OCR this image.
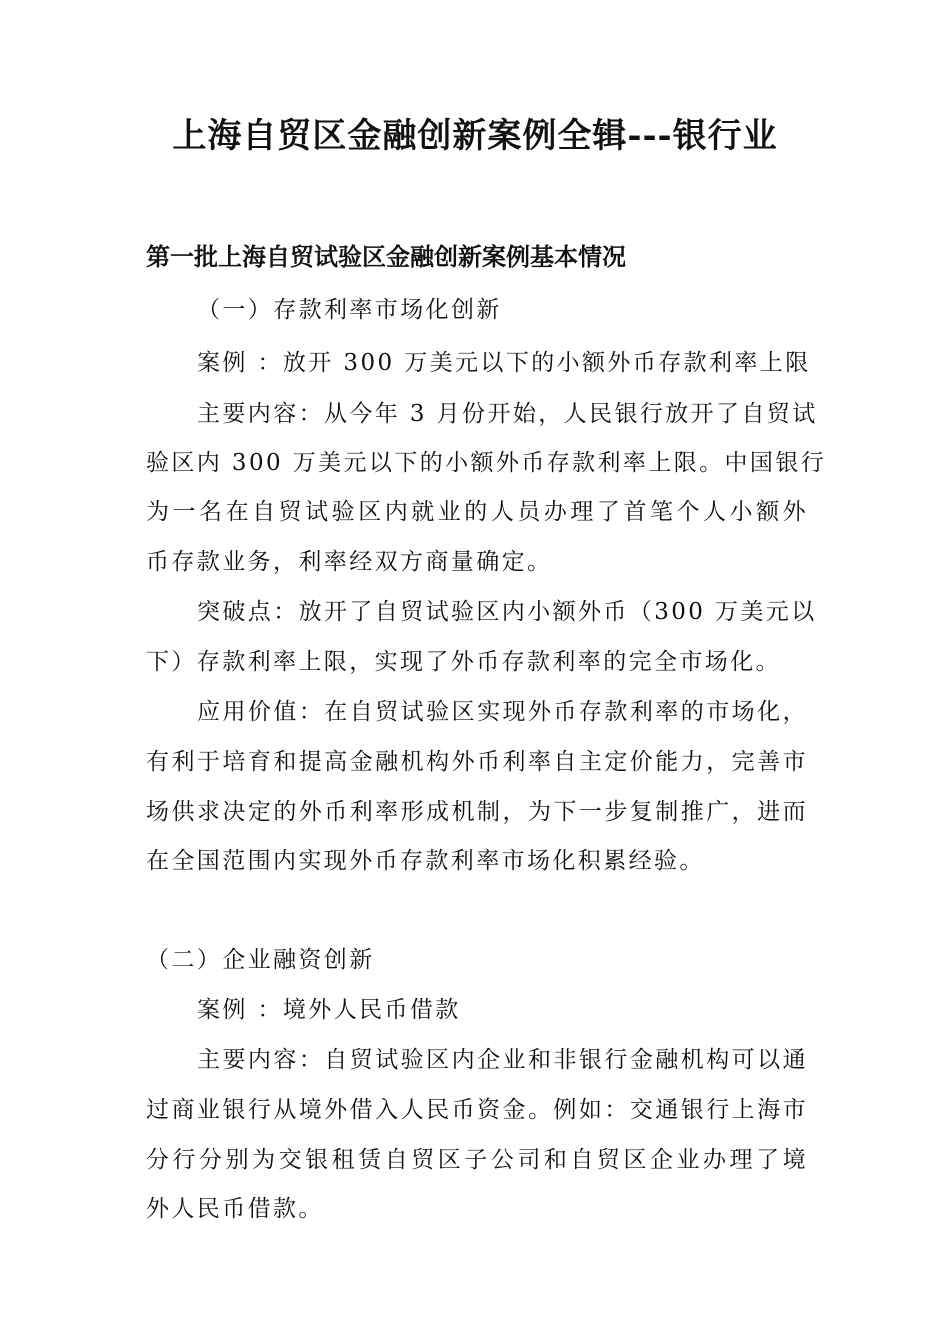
上海自贸区金融创新案例全辑---银行业
第一批上海自贸试验区金融创新案例基本情况
（一）存款利率市场化创新
案例 ：放开 300 万美元以下的小额外币存款利率上限
主要内容：从今年 3 月份开始，人民银行放开了自贸试
验区内 300 万美元以下的小额外币存款利率上限。中国银行
为一名在自贸试验区内就业的人员办理了首笔个人小额外
币存款业务，利率经双方商量确定。
突破点：放开了自贸试验区内小额外币（300 万美元以
下）存款利率上限，实现了外币存款利率的完全市场化。
应用价值：在自贸试验区实现外币存款利率的市场化，
有利于培育和提高金融机构外币利率自主定价能力，完善市
场供求决定的外币利率形成机制，为下一步复制推广，进而
在全国范围内实现外币存款利率市场化积累经验。
（二）企业融资创新
案例 ：境外人民币借款
主要内容：自贸试验区内企业和非银行金融机构可以通
过商业银行从境外借入人民币资金。例如：交通银行上海市
分行分别为交银租赁自贸区子公司和自贸区企业办理了境
外人民币借款。
